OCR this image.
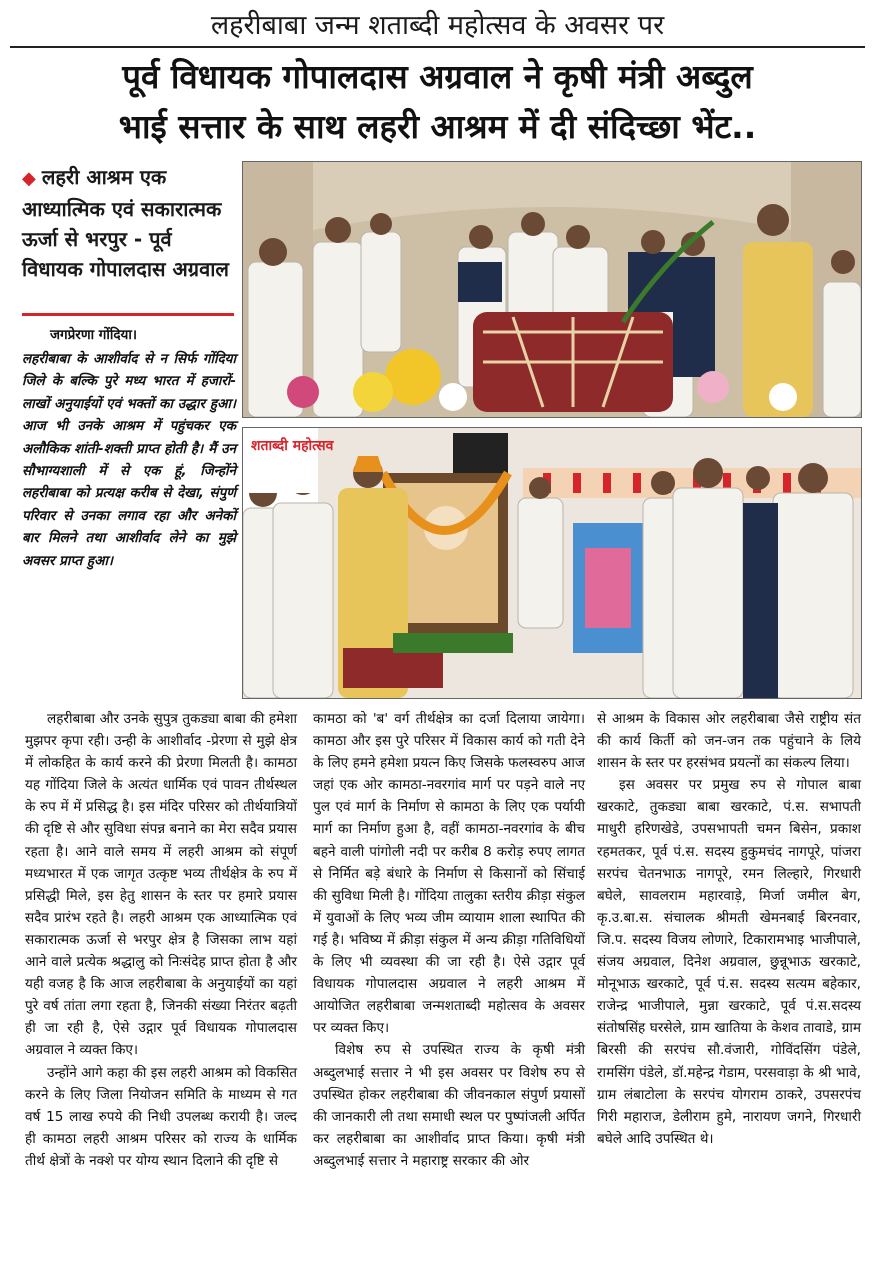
लहरीबाबा जन्म शताब्दी महोत्सव के अवसर पर
पूर्व विधायक गोपालदास अग्रवाल ने कृषी मंत्री अब्दुल
भाई सत्तार के साथ लहरी आश्रम में दी संदिच्छा भेंट..
◆ लहरी आश्रम एक आध्यात्मिक एवं सकारात्मक ऊर्जा से भरपुर - पूर्व विधायक गोपालदास अग्रवाल
जगप्रेरणा गोंदिया।
लहरीबाबा के आशीर्वाद से न सिर्फ गोंदिया जिले के बल्कि पुरे मध्य भारत में हजारों-लाखों अनुयाईयों एवं भक्तों का उद्धार हुआ। आज भी उनके आश्रम में पहुंचकर एक अलौकिक शांती-शक्ती प्राप्त होती है। मैं उन सौभाग्यशाली में से एक हूं, जिन्होंने लहरीबाबा को प्रत्यक्ष करीब से देखा, संपुर्ण परिवार से उनका लगाव रहा और अनेकों बार मिलने तथा आशीर्वाद लेने का मुझे अवसर प्राप्त हुआ।
शताब्दी महोत्सव

लहरीबाबा और उनके सुपुत्र तुकड्या बाबा की हमेशा मुझपर कृपा रही। उन्ही के आशीर्वाद -प्रेरणा से मुझे क्षेत्र में लोकहित के कार्य करने की प्रेरणा मिलती है। कामठा यह गोंदिया जिले के अत्यंत धार्मिक एवं पावन तीर्थस्थल के रुप में में प्रसिद्ध है। इस मंदिर परिसर को तीर्थयात्रियों की दृष्टि से और सुविधा संपन्न बनाने का मेरा सदैव प्रयास रहता है। आने वाले समय में लहरी आश्रम को संपूर्ण मध्यभारत में एक जागृत उत्कृष्ट भव्य तीर्थक्षेत्र के रुप में प्रसिद्धी मिले, इस हेतु शासन के स्तर पर हमारे प्रयास सदैव प्रारंभ रहते है। लहरी आश्रम एक आध्यात्मिक एवं सकारात्मक ऊर्जा से भरपुर क्षेत्र है जिसका लाभ यहां आने वाले प्रत्येक श्रद्धालु को निःसंदेह प्राप्त होता है और यही वजह है कि आज लहरीबाबा के अनुयाईयों का यहां पुरे वर्ष तांता लगा रहता है, जिनकी संख्या निरंतर बढ़ती ही जा रही है, ऐसे उद्गार पूर्व विधायक गोपालदास अग्रवाल ने व्यक्त किए।

उन्होंने आगे कहा की इस लहरी आश्रम को विकसित करने के लिए जिला नियोजन समिति के माध्यम से गत वर्ष 15 लाख रुपये की निधी उपलब्ध करायी है। जल्द ही कामठा लहरी आश्रम परिसर को राज्य के धार्मिक तीर्थ क्षेत्रों के नक्शे पर योग्य स्थान दिलाने की दृष्टि से

कामठा को 'ब' वर्ग तीर्थक्षेत्र का दर्जा दिलाया जायेगा। कामठा और इस पुरे परिसर में विकास कार्य को गती देने के लिए हमने हमेशा प्रयत्न किए जिसके फलस्वरुप आज जहां एक ओर कामठा-नवरगांव मार्ग पर पड़ने वाले नए पुल एवं मार्ग के निर्माण से कामठा के लिए एक पर्यायी मार्ग का निर्माण हुआ है, वहीं कामठा-नवरगांव के बीच बहने वाली पांगोली नदी पर करीब 8 करोड़ रुपए लागत से निर्मित बड़े बंधारे के निर्माण से किसानों को सिंचाई की सुविधा मिली है। गोंदिया तालुका स्तरीय क्रीड़ा संकुल में युवाओं के लिए भव्य जीम व्यायाम शाला स्थापित की गई है। भविष्य में क्रीड़ा संकुल में अन्य क्रीड़ा गतिविधियों के लिए भी व्यवस्था की जा रही है। ऐसे उद्गार पूर्व विधायक गोपालदास अग्रवाल ने लहरी आश्रम में आयोजित लहरीबाबा जन्मशताब्दी महोत्सव के अवसर पर व्यक्त किए।

विशेष रुप से उपस्थित राज्य के कृषी मंत्री अब्दुलभाई सत्तार ने भी इस अवसर पर विशेष रुप से उपस्थित होकर लहरीबाबा की जीवनकाल संपुर्ण प्रयासों की जानकारी ली तथा समाधी स्थल पर पुष्पांजली अर्पित कर लहरीबाबा का आशीर्वाद प्राप्त किया। कृषी मंत्री अब्दुलभाई सत्तार ने महाराष्ट्र सरकार की ओर

से आश्रम के विकास ओर लहरीबाबा जैसे राष्ट्रीय संत की कार्य किर्ती को जन-जन तक पहुंचाने के लिये शासन के स्तर पर हरसंभव प्रयत्नों का संकल्प लिया।

इस अवसर पर प्रमुख रुप से गोपाल बाबा खरकाटे, तुकड्या बाबा खरकाटे, पं.स. सभापती माधुरी हरिणखेडे, उपसभापती चमन बिसेन, प्रकाश रहमतकर, पूर्व पं.स. सदस्य हुकुमचंद नागपूरे, पांजरा सरपंच चेतनभाऊ नागपूरे, रमन लिल्हारे, गिरधारी बघेले, सावलराम महारवाड़े, मिर्जा जमील बेग, कृ.उ.बा.स. संचालक श्रीमती खेमनबाई बिरनवार, जि.प. सदस्य विजय लोणारे, टिकारामभाइ भाजीपाले, संजय अग्रवाल, दिनेश अग्रवाल, छुन्नूभाऊ खरकाटे, मोनूभाऊ खरकाटे, पूर्व पं.स. सदस्य सत्यम बहेकार, राजेन्द्र भाजीपाले, मुन्ना खरकाटे, पूर्व पं.स.सदस्य संतोषसिंह घरसेले, ग्राम खातिया के केशव तावाडे, ग्राम बिरसी की सरपंच सौ.वंजारी, गोविंदसिंग पंडेले, रामसिंग पंडेले, डॉ.महेन्द्र गेडाम, परसवाड़ा के श्री भावे, ग्राम लंबाटोला के सरपंच योगराम ठाकरे, उपसरपंच गिरी महाराज, डेलीराम हुमे, नारायण जगने, गिरधारी बघेले आदि उपस्थित थे।
